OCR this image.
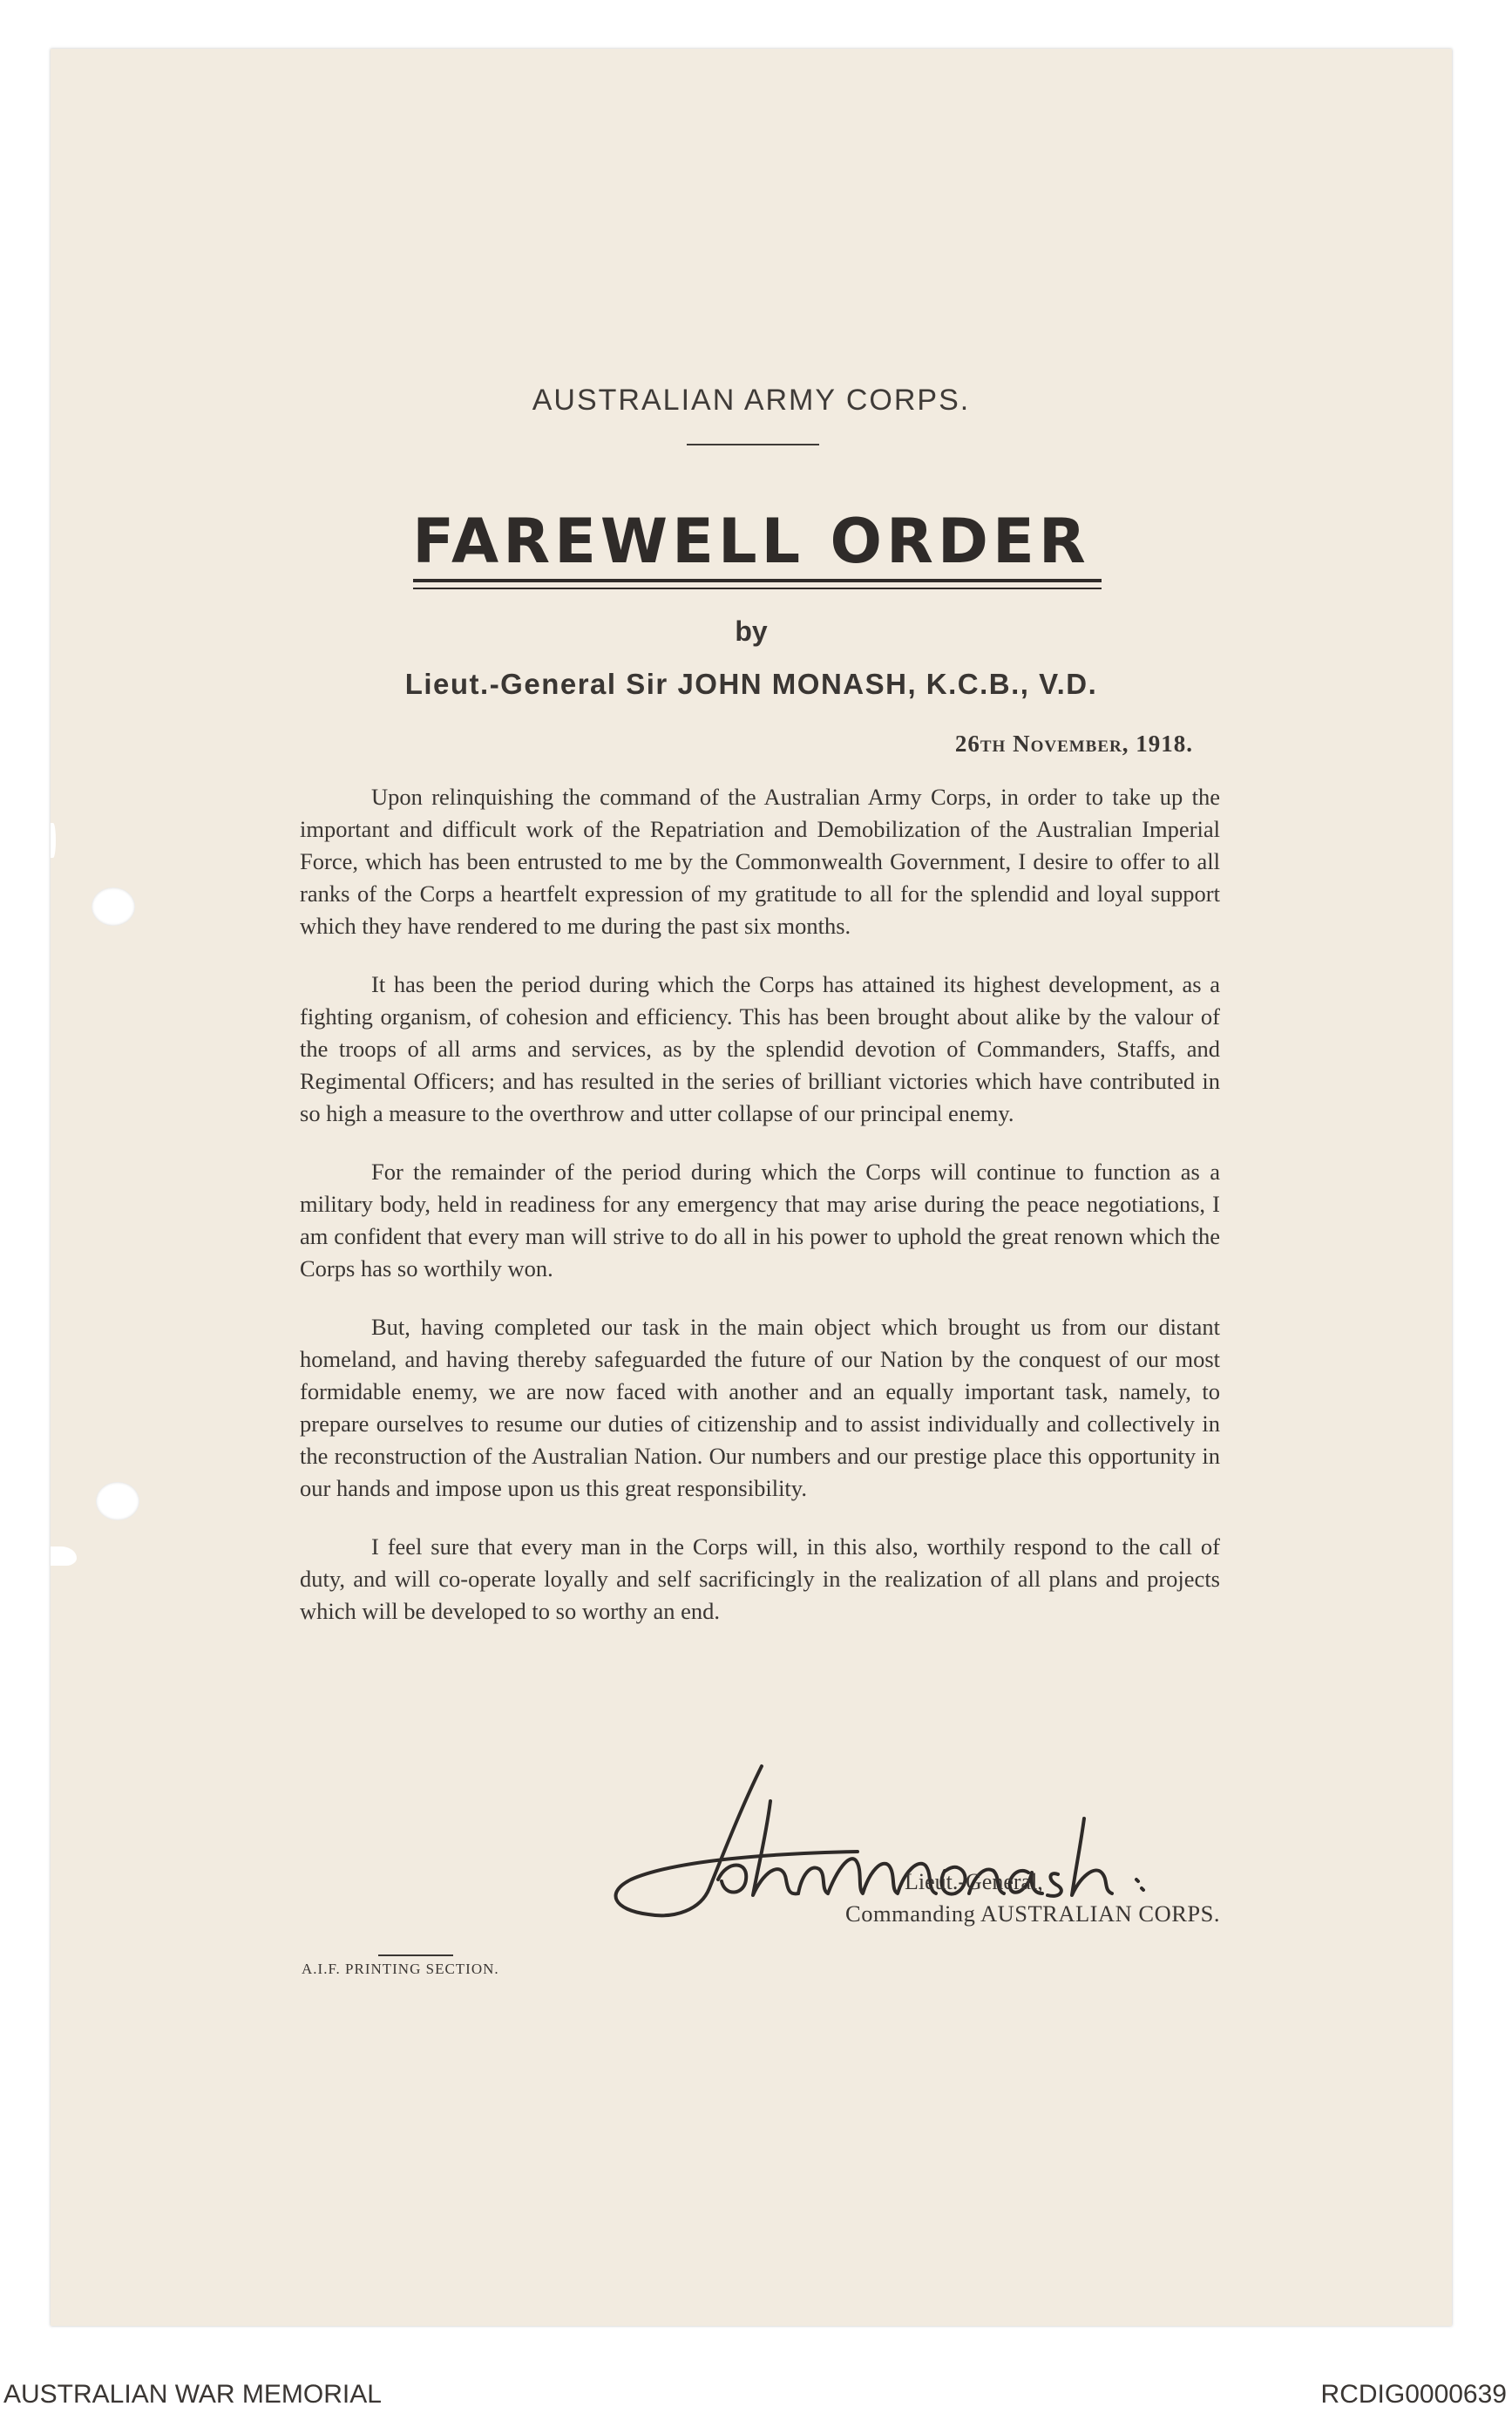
AUSTRALIAN ARMY CORPS.
FAREWELL ORDER
by
Lieut.-General Sir JOHN MONASH, K.C.B., V.D.
26th November, 1918.

Upon relinquishing the command of the Australian Army Corps, in order to take up the important and difficult work of the Repatriation and Demobilization of the Australian Imperial Force, which has been entrusted to me by the Commonwealth Government, I desire to offer to all ranks of the Corps a heartfelt expression of my gratitude to all for the splendid and loyal support which they have rendered to me during the past six months.

It has been the period during which the Corps has attained its highest development, as a fighting organism, of cohesion and efficiency. This has been brought about alike by the valour of the troops of all arms and services, as by the splendid devotion of Commanders, Staffs, and Regimental Officers; and has resulted in the series of brilliant victories which have contributed in so high a measure to the overthrow and utter collapse of our principal enemy.

For the remainder of the period during which the Corps will continue to function as a military body, held in readiness for any emergency that may arise during the peace negotiations, I am confident that every man will strive to do all in his power to uphold the great renown which the Corps has so worthily won.

But, having completed our task in the main object which brought us from our distant homeland, and having thereby safeguarded the future of our Nation by the conquest of our most formidable enemy, we are now faced with another and an equally important task, namely, to prepare ourselves to resume our duties of citizenship and to assist individually and collectively in the reconstruction of the Australian Nation. Our numbers and our prestige place this opportunity in our hands and impose upon us this great responsibility.

I feel sure that every man in the Corps will, in this also, worthily respond to the call of duty, and will co-operate loyally and self sacrificingly in the realization of all plans and projects which will be developed to so worthy an end.

Lieut.-General,
Commanding AUSTRALIAN CORPS.
A.I.F. PRINTING SECTION.
AUSTRALIAN WAR MEMORIAL	RCDIG0000639
